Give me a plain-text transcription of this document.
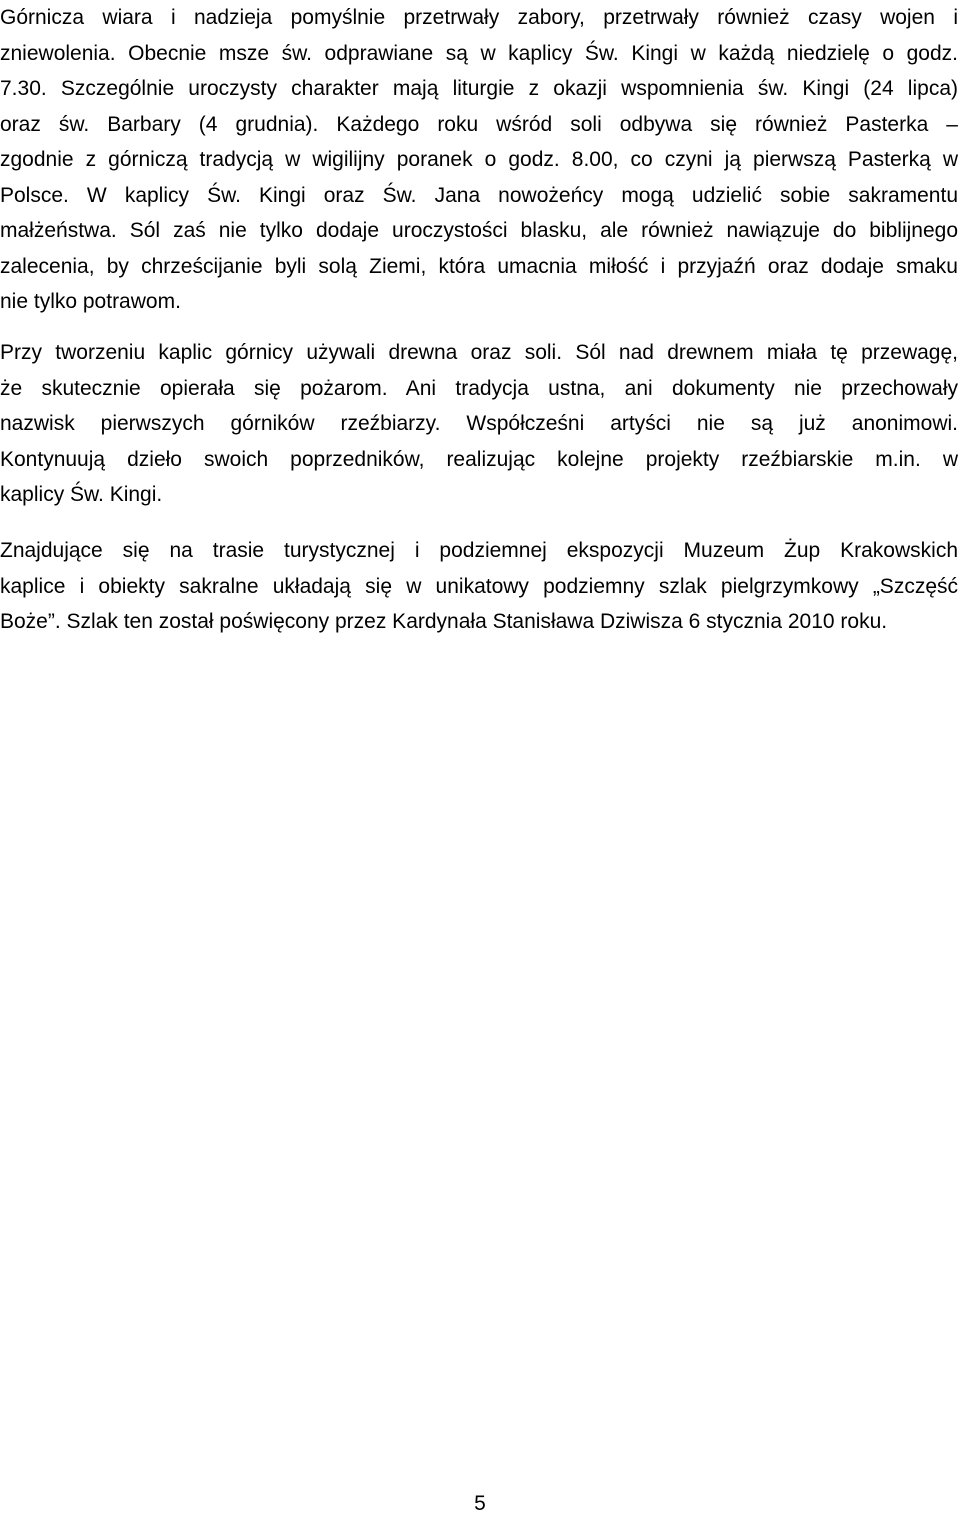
Górnicza wiara i nadzieja pomyślnie przetrwały zabory, przetrwały również czasy wojen i
zniewolenia. Obecnie msze św. odprawiane są w kaplicy Św. Kingi w każdą niedzielę o godz.
7.30. Szczególnie uroczysty charakter mają liturgie z okazji wspomnienia św. Kingi (24 lipca)
oraz św. Barbary (4 grudnia). Każdego roku wśród soli odbywa się również Pasterka –
zgodnie z górniczą tradycją w wigilijny poranek o godz. 8.00, co czyni ją pierwszą Pasterką w
Polsce. W kaplicy Św. Kingi oraz Św. Jana nowożeńcy mogą udzielić sobie sakramentu
małżeństwa. Sól zaś nie tylko dodaje uroczystości blasku, ale również nawiązuje do biblijnego
zalecenia, by chrześcijanie byli solą Ziemi, która umacnia miłość i przyjaźń oraz dodaje smaku
nie tylko potrawom.

Przy tworzeniu kaplic górnicy używali drewna oraz soli. Sól nad drewnem miała tę przewagę,
że skutecznie opierała się pożarom. Ani tradycja ustna, ani dokumenty nie przechowały
nazwisk pierwszych górników rzeźbiarzy. Współcześni artyści nie są już anonimowi.
Kontynuują dzieło swoich poprzedników, realizując kolejne projekty rzeźbiarskie m.in. w
kaplicy Św. Kingi.

Znajdujące się na trasie turystycznej i podziemnej ekspozycji Muzeum Żup Krakowskich
kaplice i obiekty sakralne układają się w unikatowy podziemny szlak pielgrzymkowy „Szczęść
Boże”. Szlak ten został poświęcony przez Kardynała Stanisława Dziwisza 6 stycznia 2010 roku.

5
